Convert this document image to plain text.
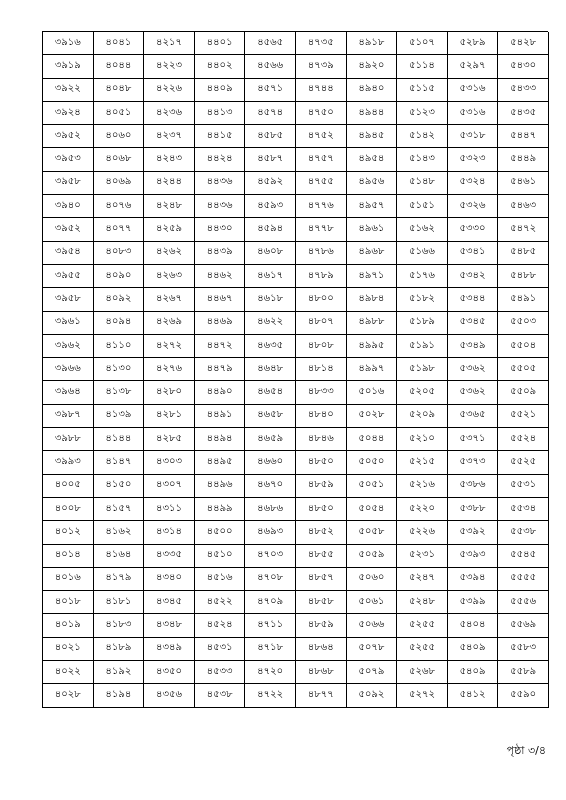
৩৯১৬	৪০৪১	৪২১৭	৪৪০১	৪৫৬৫	৪৭৩৫	৪৯১৮	৫১০৭	৫২৮৯	৫৪২৮
৩৯১৯	৪০৪৪	৪২২৩	৪৪০২	৪৫৬৬	৪৭৩৯	৪৯২০	৫১১৪	৫২৯৭	৫৪৩০
৩৯২২	৪০৪৮	৪২২৬	৪৪০৯	৪৫৭১	৪৭৪৪	৪৯৪০	৫১১৫	৫৩১৬	৫৪৩৩
৩৯২৪	৪০৫১	৪২৩৬	৪৪১৩	৪৫৭৪	৪৭৫০	৪৯৪৪	৫১২৩	৫৩১৬	৫৪৩৫
৩৯৫২	৪০৬০	৪২৩৭	৪৪১৫	৪৫৮৫	৪৭৫২	৪৯৪৫	৫১৪২	৫৩১৮	৫৪৪৭
৩৯৫৩	৪০৬৮	৪২৪৩	৪৪২৪	৪৫৮৭	৪৭৫৭	৪৯৫৪	৫১৪৩	৫৩২৩	৫৪৪৯
৩৯৫৮	৪০৬৯	৪২৪৪	৪৪৩৬	৪৫৯২	৪৭৫৫	৪৯৫৬	৫১৪৮	৫৩২৪	৫৪৬১
৩৯৪০	৪০৭৬	৪২৪৮	৪৪৩৬	৪৫৯৩	৪৭৭৬	৪৯৫৭	৫১৫১	৫৩২৬	৫৪৬৩
৩৯৫২	৪০৭৭	৪২৫৯	৪৪৩০	৪৫৯৪	৪৭৭৮	৪৯৬১	৫১৬২	৫৩৩০	৫৪৭২
৩৯৫৪	৪০৮৩	৪২৬২	৪৪৩৯	৪৬০৮	৪৭৮৬	৪৯৬৮	৫১৬৬	৫৩৪১	৫৪৮৫
৩৯৫৫	৪০৯০	৪২৬৩	৪৪৬২	৪৬১৭	৪৭৮৯	৪৯৭১	৫১৭৬	৫৩৪২	৫৪৮৮
৩৯৫৮	৪০৯২	৪২৬৭	৪৪৬৭	৪৬১৮	৪৮০০	৪৯৮৪	৫১৮২	৫৩৪৪	৫৪৯১
৩৯৬১	৪০৯৪	৪২৬৯	৪৪৬৯	৪৬২২	৪৮০৭	৪৯৮৮	৫১৮৯	৫৩৪৫	৫৫০৩
৩৯৬২	৪১১০	৪২৭২	৪৪৭২	৪৬৩৫	৪৮০৮	৪৯৯৫	৫১৯১	৫৩৪৯	৫৫০৪
৩৯৬৬	৪১৩০	৪২৭৬	৪৪৭৯	৪৬৪৮	৪৮১৪	৪৯৯৭	৫১৯৮	৫৩৬২	৫৫০৫
৩৯৬৪	৪১৩৮	৪২৮০	৪৪৯০	৪৬৫৪	৪৮৩৩	৫০১৬	৫২০৫	৫৩৬২	৫৫০৯
৩৯৮৭	৪১৩৯	৪২৮১	৪৪৯১	৪৬৫৮	৪৮৪০	৫০২৮	৫২০৯	৫৩৬৫	৫৫২১
৩৯৮৮	৪১৪৪	৪২৮৫	৪৪৯৪	৪৬৫৯	৪৮৪৬	৫০৪৪	৫২১০	৫৩৭১	৫৫২৪
৩৯৯৩	৪১৪৭	৪৩০৩	৪৪৯৫	৪৬৬০	৪৮৫০	৫০৫০	৫২১৫	৫৩৭৩	৫৫২৫
৪০০৫	৪১৫০	৪৩০৭	৪৪৯৬	৪৬৭০	৪৮৫৯	৫০৫১	৫২১৬	৫৩৮৬	৫৫৩১
৪০০৮	৪১৫৭	৪৩১১	৪৪৯৯	৪৬৮৬	৪৮৫০	৫০৫৪	৫২২০	৫৩৮৮	৫৫৩৪
৪০১২	৪১৬২	৪৩১৪	৪৫০০	৪৬৯৩	৪৮৫২	৫০৫৮	৫২২৬	৫৩৯২	৫৫৩৮
৪০১৪	৪১৬৪	৪৩৩৫	৪৫১০	৪৭০৩	৪৮৫৫	৫০৫৯	৫২৩১	৫৩৯৩	৫৫৪৫
৪০১৬	৪১৭৯	৪৩৪০	৪৫১৬	৪৭০৮	৪৮৫৭	৫০৬০	৫২৪৭	৫৩৯৪	৫৫৫৫
৪০১৮	৪১৮১	৪৩৪৫	৪৫২২	৪৭০৯	৪৮৫৮	৫০৬১	৫২৪৮	৫৩৯৯	৫৫৫৬
৪০১৯	৪১৮৩	৪৩৪৮	৪৫২৪	৪৭১১	৪৮৫৯	৫০৬৬	৫২৫৫	৫৪০৪	৫৫৬৯
৪০২১	৪১৮৯	৪৩৪৯	৪৫৩১	৪৭১৮	৪৮৬৪	৫০৭৮	৫২৫৫	৫৪০৯	৫৫৮৩
৪০২২	৪১৯২	৪৩৫০	৪৫৩৩	৪৭২০	৪৮৬৮	৫০৭৯	৫২৬৮	৫৪০৯	৫৫৮৯
৪০২৮	৪১৯৪	৪৩৫৬	৪৫৩৮	৪৭২২	৪৮৭৭	৫০৯২	৫২৭২	৫৪১২	৫৫৯০
পৃষ্ঠা ৩/৪
